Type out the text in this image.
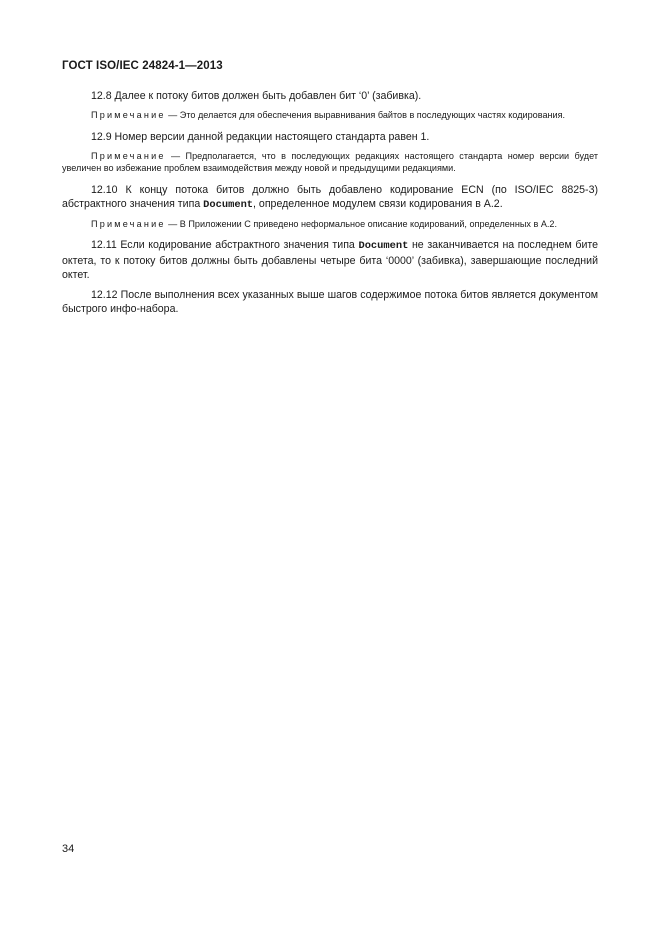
ГОСТ ISO/IEC 24824-1—2013

12.8 Далее к потоку битов должен быть добавлен бит ‘0’ (забивка).

Примечание — Это делается для обеспечения выравнивания байтов в последующих частях кодирования.

12.9 Номер версии данной редакции настоящего стандарта равен 1.

Примечание — Предполагается, что в последующих редакциях настоящего стандарта номер версии будет увеличен во избежание проблем взаимодействия между новой и предыдущими редакциями.

12.10 К концу потока битов должно быть добавлено кодирование ECN (по ISO/IEC 8825-3) абстрактного значения типа Document, определенное модулем связи кодирования в А.2.

Примечание — В Приложении С приведено неформальное описание кодирований, определенных в А.2.

12.11 Если кодирование абстрактного значения типа Document не заканчивается на последнем бите октета, то к потоку битов должны быть добавлены четыре бита ‘0000’ (забивка), завершающие последний октет.

12.12 После выполнения всех указанных выше шагов содержимое потока битов является документом быстрого инфо-набора.

34
